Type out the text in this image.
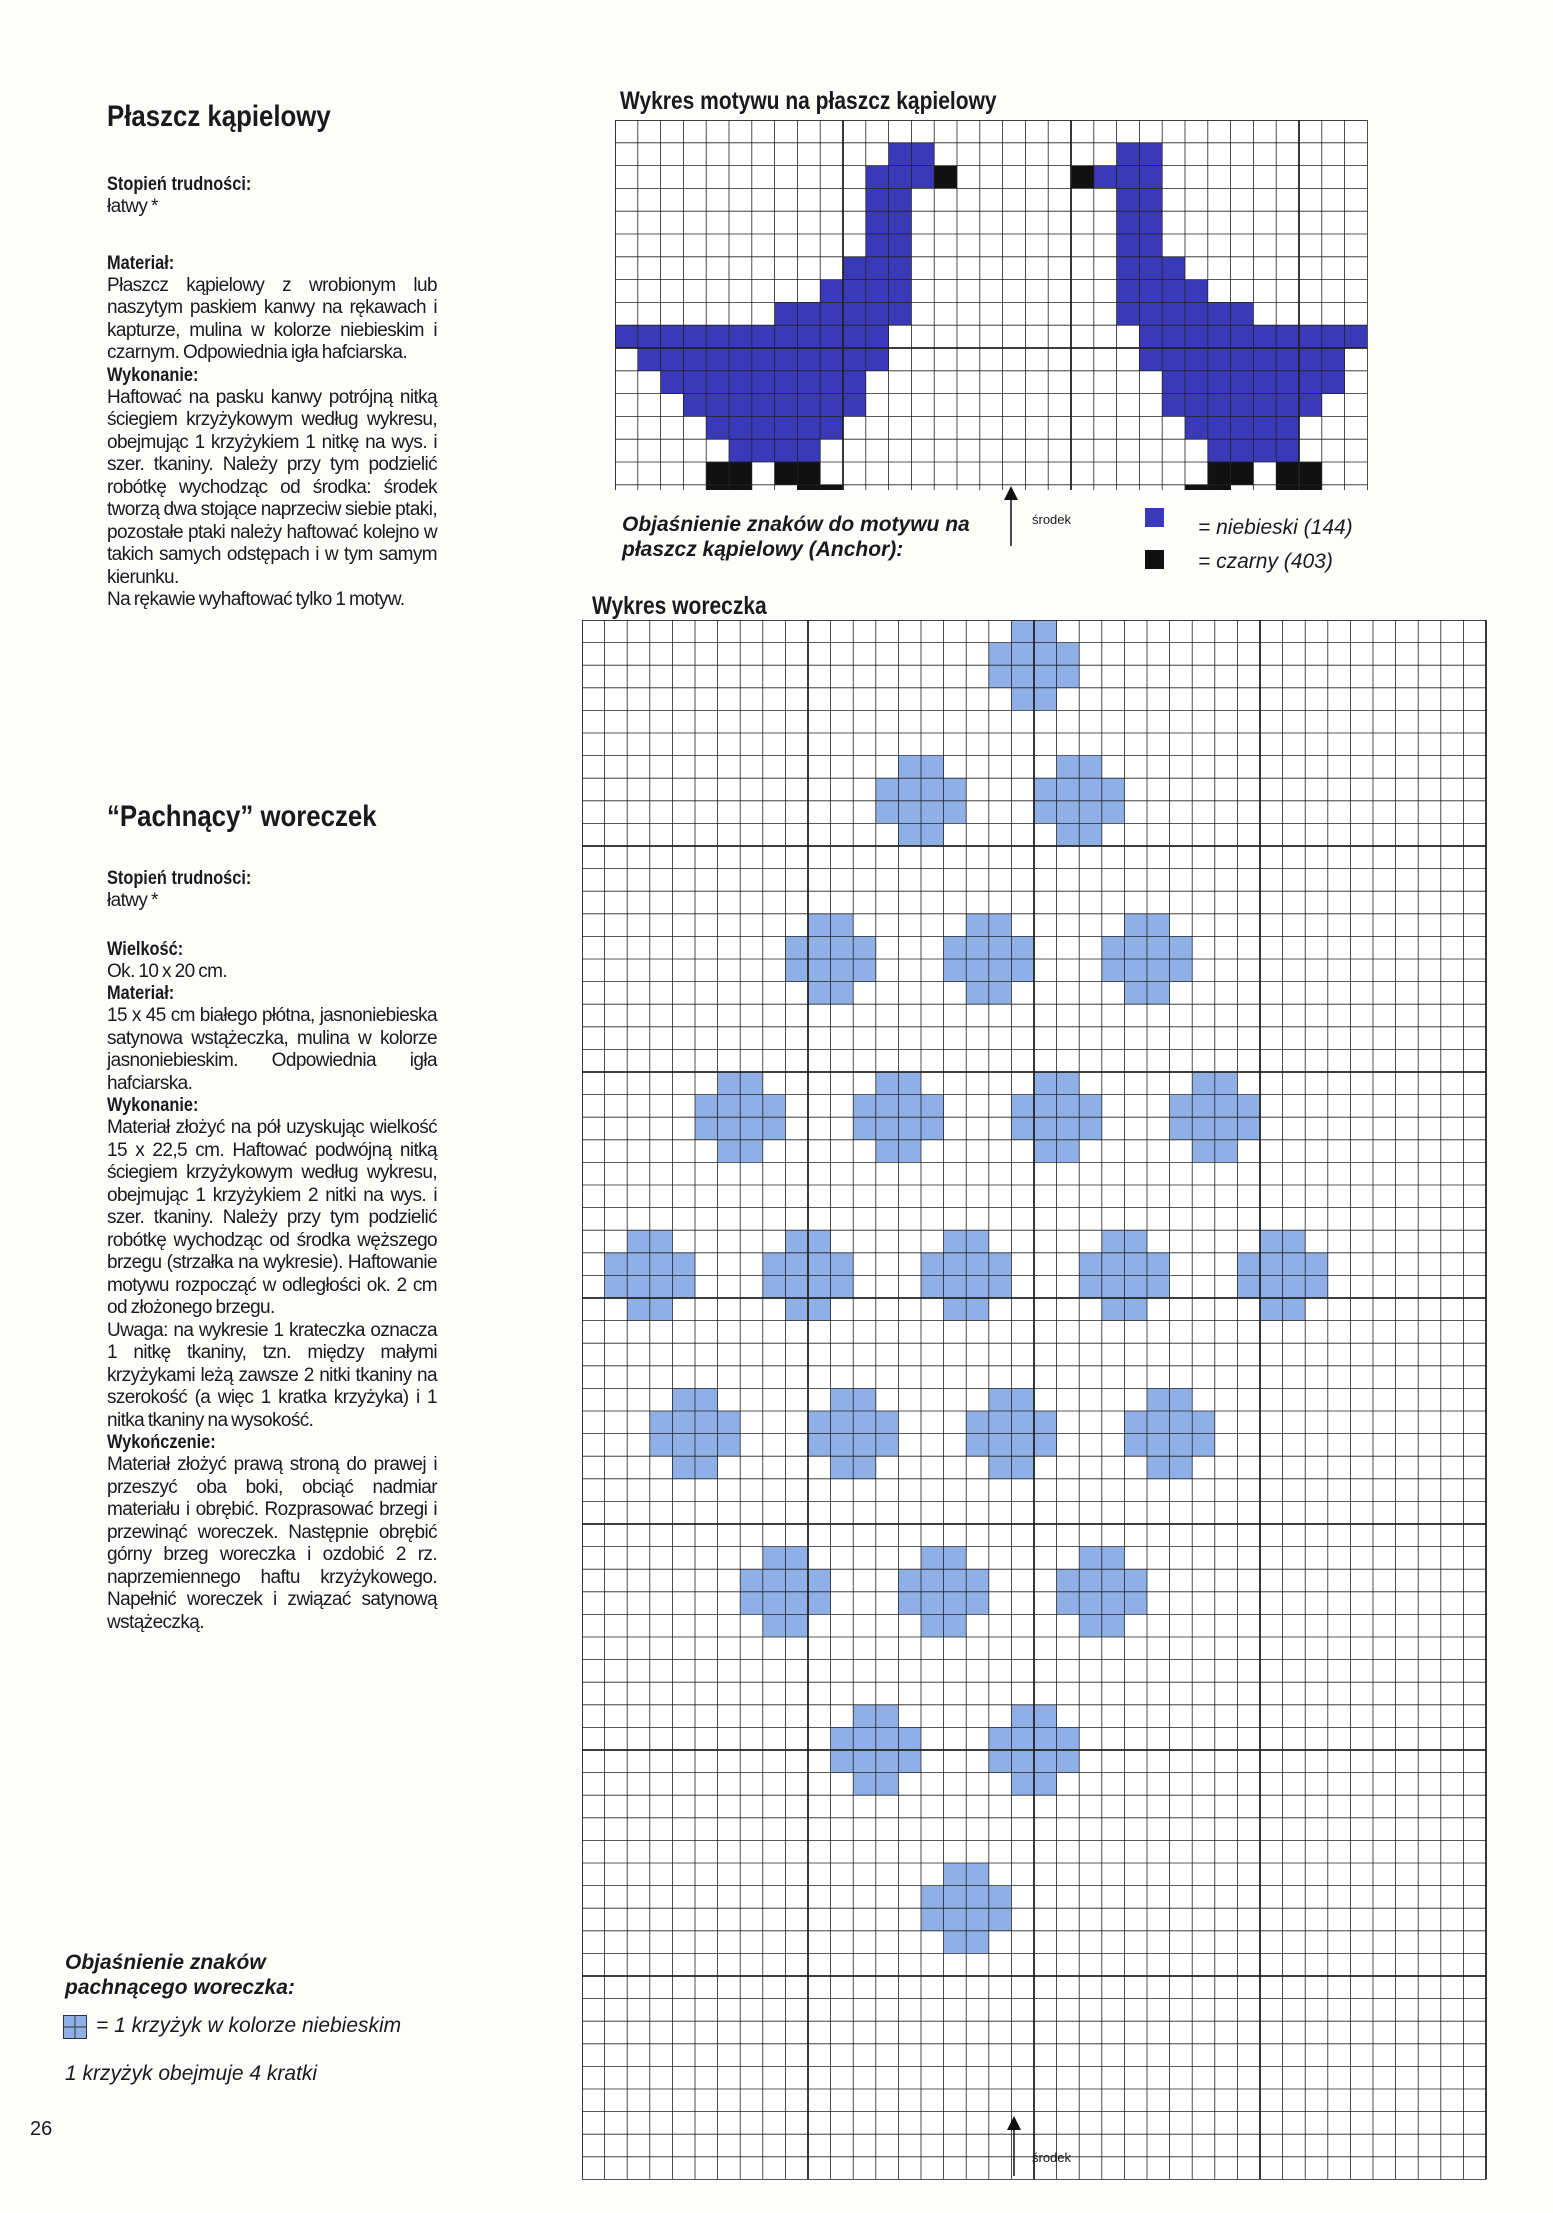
Płaszcz kąpielowy
Stopień trudności:
łatwy *
Materiał:
Płaszcz kąpielowy z wrobionym lub naszytym paskiem kanwy na rękawach i kapturze, mulina w kolorze niebieskim i czarnym. Odpowiednia igła hafciarska.
Wykonanie:
Haftować na pasku kanwy potrójną nitką ściegiem krzyżykowym według wykresu, obejmując 1 krzyżykiem 1 nitkę na wys. i szer. tkaniny. Należy przy tym podzielić robótkę wychodząc od środka: środek tworzą dwa stojące naprzeciw siebie ptaki, pozostałe ptaki należy haftować kolejno w takich samych odstępach i w tym samym kierunku.
Na rękawie wyhaftować tylko 1 motyw.
“Pachnący” woreczek
Stopień trudności:
łatwy *
Wielkość:
Ok. 10 x 20 cm.
Materiał:
15 x 45 cm białego płótna, jasnoniebieska satynowa wstążeczka, mulina w kolorze jasnoniebieskim. Odpowiednia igła hafciarska.
Wykonanie:
Materiał złożyć na pół uzyskując wielkość 15 x 22,5 cm. Haftować podwójną nitką ściegiem krzyżykowym według wykresu, obejmując 1 krzyżykiem 2 nitki na wys. i szer. tkaniny. Należy przy tym podzielić robótkę wychodząc od środka węższego brzegu (strzałka na wykresie). Haftowanie motywu rozpocząć w odległości ok. 2 cm od złożonego brzegu.
Uwaga: na wykresie 1 krateczka oznacza 1 nitkę tkaniny, tzn. między małymi krzyżykami leżą zawsze 2 nitki tkaniny na szerokość (a więc 1 kratka krzyżyka) i 1 nitka tkaniny na wysokość.
Wykończenie:
Materiał złożyć prawą stroną do prawej i przeszyć oba boki, obciąć nadmiar materiału i obrębić. Rozprasować brzegi i przewinąć woreczek. Następnie obrębić górny brzeg woreczka i ozdobić 2 rz. naprzemiennego haftu krzyżykowego. Napełnić woreczek i związać satynową wstążeczką.
Objaśnienie znaków pachnącego woreczka:
= 1 krzyżyk w kolorze niebieskim
1 krzyżyk obejmuje 4 kratki
26
Wykres motywu na płaszcz kąpielowy
Objaśnienie znaków do motywu na płaszcz kąpielowy (Anchor):
środek	= niebieski (144)
= czarny (403)
Wykres woreczka
środek
